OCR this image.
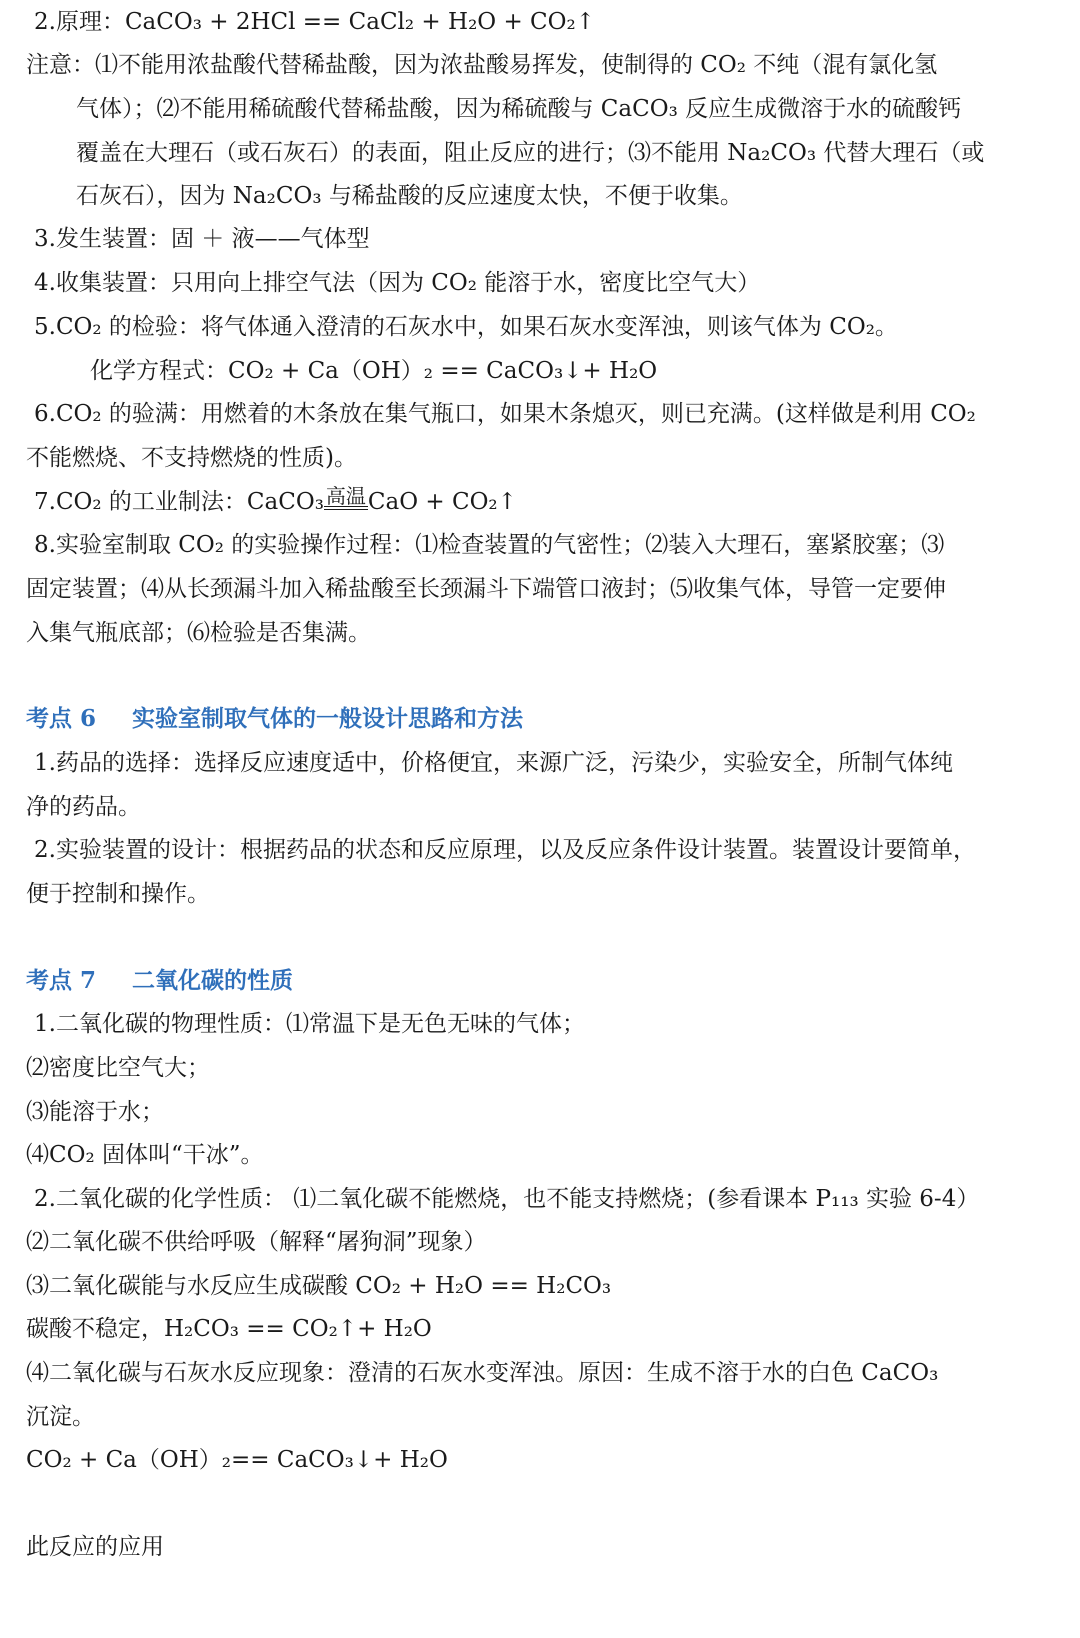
2.原理：CaCO₃ + 2HCl == CaCl₂ + H₂O + CO₂↑
注意：⑴不能用浓盐酸代替稀盐酸，因为浓盐酸易挥发，使制得的 CO₂ 不纯（混有氯化氢
气体）；⑵不能用稀硫酸代替稀盐酸，因为稀硫酸与 CaCO₃ 反应生成微溶于水的硫酸钙
覆盖在大理石（或石灰石）的表面，阻止反应的进行；⑶不能用 Na₂CO₃ 代替大理石（或
石灰石），因为 Na₂CO₃ 与稀盐酸的反应速度太快，不便于收集。
3.发生装置：固 ＋ 液——气体型
4.收集装置：只用向上排空气法（因为 CO₂ 能溶于水，密度比空气大）
5.CO₂ 的检验：将气体通入澄清的石灰水中，如果石灰水变浑浊，则该气体为 CO₂。
化学方程式：CO₂ + Ca（OH）₂ == CaCO₃↓+ H₂O
6.CO₂ 的验满：用燃着的木条放在集气瓶口，如果木条熄灭，则已充满。(这样做是利用 CO₂
不能燃烧、不支持燃烧的性质)。
7.CO₂ 的工业制法：CaCO₃ 高温CaO + CO₂↑
8.实验室制取 CO₂ 的实验操作过程：⑴检查装置的气密性；⑵装入大理石，塞紧胶塞；⑶
固定装置；⑷从长颈漏斗加入稀盐酸至长颈漏斗下端管口液封；⑸收集气体，导管一定要伸
入集气瓶底部；⑹检验是否集满。
考点 6 实验室制取气体的一般设计思路和方法
1.药品的选择：选择反应速度适中，价格便宜，来源广泛，污染少，实验安全，所制气体纯
净的药品。
2.实验装置的设计：根据药品的状态和反应原理，以及反应条件设计装置。装置设计要简单，
便于控制和操作。
考点 7 二氧化碳的性质
1.二氧化碳的物理性质：⑴常温下是无色无味的气体；
⑵密度比空气大；
⑶能溶于水；
⑷CO₂ 固体叫“干冰”。
2.二氧化碳的化学性质： ⑴二氧化碳不能燃烧，也不能支持燃烧；(参看课本 P₁₁₃ 实验 6-4）
⑵二氧化碳不供给呼吸（解释“屠狗洞”现象）
⑶二氧化碳能与水反应生成碳酸 CO₂ + H₂O == H₂CO₃
碳酸不稳定，H₂CO₃ == CO₂↑+ H₂O
⑷二氧化碳与石灰水反应现象：澄清的石灰水变浑浊。原因：生成不溶于水的白色 CaCO₃
沉淀。
CO₂ + Ca（OH）₂== CaCO₃↓+ H₂O
此反应的应用
